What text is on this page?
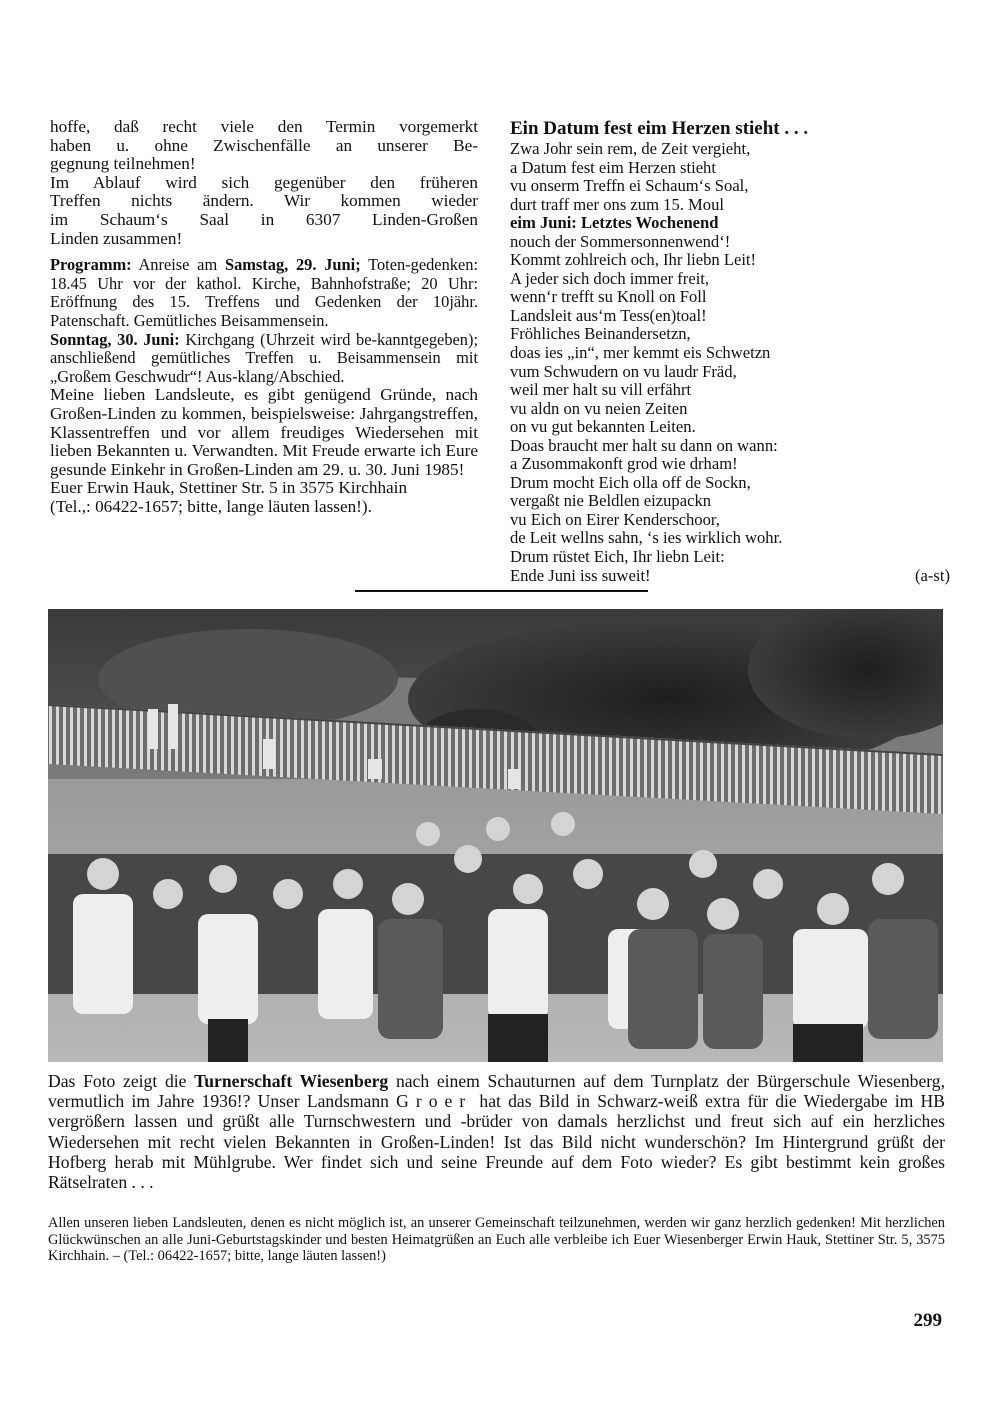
hoffe, daß recht viele den Termin vorgemerkt
haben u. ohne Zwischenfälle an unserer Be-
gegnung teilnehmen!
Im Ablauf wird sich gegenüber den früheren
Treffen nichts ändern. Wir kommen wieder
im Schaum‘s Saal in 6307 Linden-Großen
Linden zusammen!
Programm: Anreise am Samstag, 29. Juni; Toten-gedenken: 18.45 Uhr vor der kathol. Kirche, Bahnhofstraße; 20 Uhr: Eröffnung des 15. Treffens und Gedenken der 10jähr. Patenschaft. Gemütliches Beisammensein.
Sonntag, 30. Juni: Kirchgang (Uhrzeit wird be-kanntgegeben); anschließend gemütliches Treffen u. Beisammensein mit „Großem Geschwudr“! Aus-klang/Abschied.
Meine lieben Landsleute, es gibt genügend Gründe, nach Großen-Linden zu kommen, beispielsweise: Jahrgangstreffen, Klassentreffen und vor allem freudiges Wiedersehen mit lieben Bekannten u. Verwandten. Mit Freude erwarte ich Eure gesunde Einkehr in Großen-Linden am 29. u. 30. Juni 1985!
Euer Erwin Hauk, Stettiner Str. 5 in 3575 Kirchhain
(Tel.,: 06422-1657; bitte, lange läuten lassen!).
Ein Datum fest eim Herzen stieht . . .
Zwa Johr sein rem, de Zeit vergieht,
a Datum fest eim Herzen stieht
vu onserm Treffn ei Schaum‘s Soal,
durt traff mer ons zum 15. Moul
eim Juni: Letztes Wochenend
nouch der Sommersonnenwend‘!
Kommt zohlreich och, Ihr liebn Leit!
A jeder sich doch immer freit,
wenn‘r trefft su Knoll on Foll
Landsleit aus‘m Tess(en)toal!
Fröhliches Beinandersetzn,
doas ies „in“, mer kemmt eis Schwetzn
vum Schwudern on vu laudr Fräd,
weil mer halt su vill erfährt
vu aldn on vu neien Zeiten
on vu gut bekannten Leiten.
Doas braucht mer halt su dann on wann:
a Zusommakonft grod wie drham!
Drum mocht Eich olla off de Sockn,
vergaßt nie Beldlen eizupackn
vu Eich on Eirer Kenderschoor,
de Leit wellns sahn, ‘s ies wirklich wohr.
Drum rüstet Eich, Ihr liebn Leit:
Ende Juni iss suweit!	(a-st)
Das Foto zeigt die Turnerschaft Wiesenberg nach einem Schauturnen auf dem Turnplatz der Bürgerschule Wiesenberg, vermutlich im Jahre 1936!? Unser Landsmann Groer hat das Bild in Schwarz-weiß extra für die Wiedergabe im HB vergrößern lassen und grüßt alle Turnschwestern und -brüder von damals herzlichst und freut sich auf ein herzliches Wiedersehen mit recht vielen Bekannten in Großen-Linden! Ist das Bild nicht wunderschön? Im Hintergrund grüßt der Hofberg herab mit Mühlgrube. Wer findet sich und seine Freunde auf dem Foto wieder? Es gibt bestimmt kein großes Rätselraten . . .
Allen unseren lieben Landsleuten, denen es nicht möglich ist, an unserer Gemeinschaft teilzunehmen, werden wir ganz herzlich gedenken! Mit herzlichen Glückwünschen an alle Juni-Geburtstagskinder und besten Heimatgrüßen an Euch alle verbleibe ich Euer Wiesenberger Erwin Hauk, Stettiner Str. 5, 3575 Kirchhain. – (Tel.: 06422-1657; bitte, lange läuten lassen!)
299
